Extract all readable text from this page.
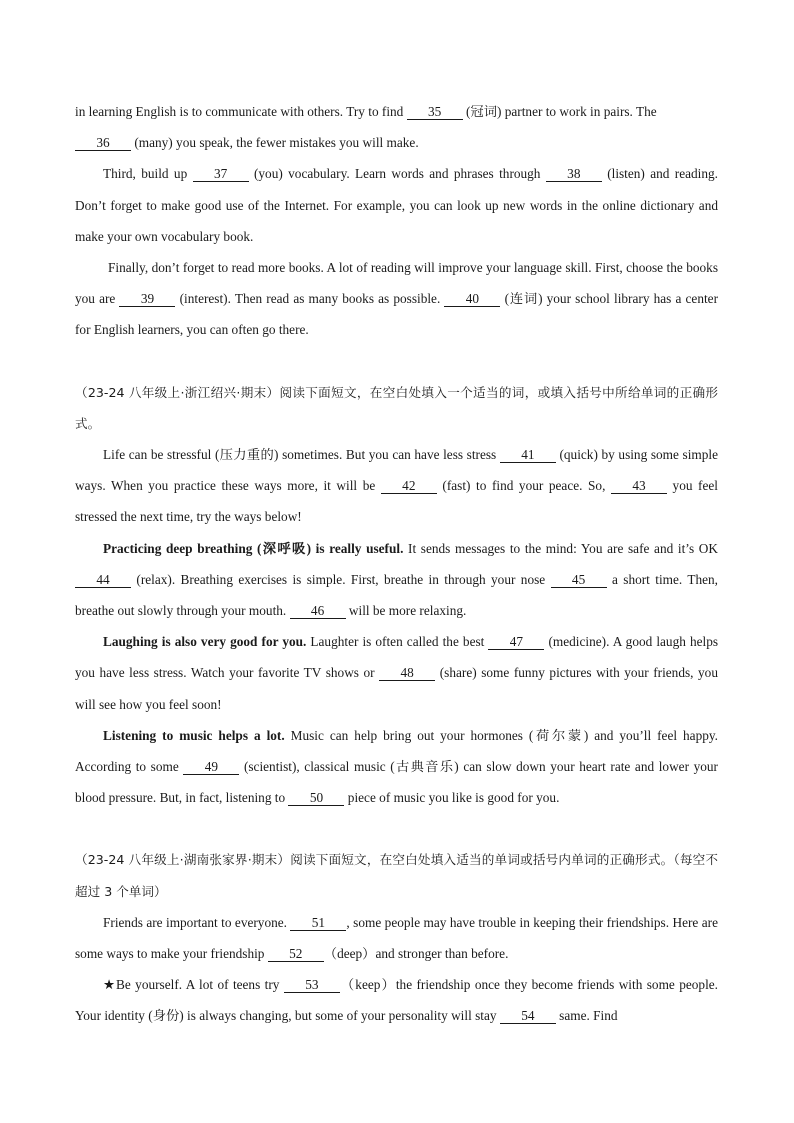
in learning English is to communicate with others. Try to find 35 (冠词) partner to work in pairs. The

36 (many) you speak, the fewer mistakes you will make.

Third, build up 37 (you) vocabulary. Learn words and phrases through 38 (listen) and reading. Don’t forget to make good use of the Internet. For example, you can look up new words in the online dictionary and make your own vocabulary book.

Finally, don’t forget to read more books. A lot of reading will improve your language skill. First, choose the books you are 39 (interest). Then read as many books as possible. 40 (连词) your school library has a center for English learners, you can often go there.

（23-24 八年级上·浙江绍兴·期末）阅读下面短文，在空白处填入一个适当的词，或填入括号中所给单词的正确形式。

Life can be stressful (压力重的) sometimes. But you can have less stress 41 (quick) by using some simple ways. When you practice these ways more, it will be 42 (fast) to find your peace. So, 43 you feel stressed the next time, try the ways below!

Practicing deep breathing (深呼吸) is really useful. It sends messages to the mind: You are safe and it’s OK 44 (relax). Breathing exercises is simple. First, breathe in through your nose 45 a short time. Then, breathe out slowly through your mouth. 46 will be more relaxing.

Laughing is also very good for you. Laughter is often called the best 47 (medicine). A good laugh helps you have less stress. Watch your favorite TV shows or 48 (share) some funny pictures with your friends, you will see how you feel soon!

Listening to music helps a lot. Music can help bring out your hormones (荷尔蒙) and you’ll feel happy. According to some 49 (scientist), classical music (古典音乐) can slow down your heart rate and lower your blood pressure. But, in fact, listening to 50 piece of music you like is good for you.

（23-24 八年级上·湖南张家界·期末）阅读下面短文，在空白处填入适当的单词或括号内单词的正确形式。（每空不超过 3 个单词）

Friends are important to everyone. 51 , some people may have trouble in keeping their friendships. Here are some ways to make your friendship 52 （deep）and stronger than before.

★Be yourself. A lot of teens try 53 （keep）the friendship once they become friends with some people. Your identity (身份) is always changing, but some of your personality will stay 54 same. Find
